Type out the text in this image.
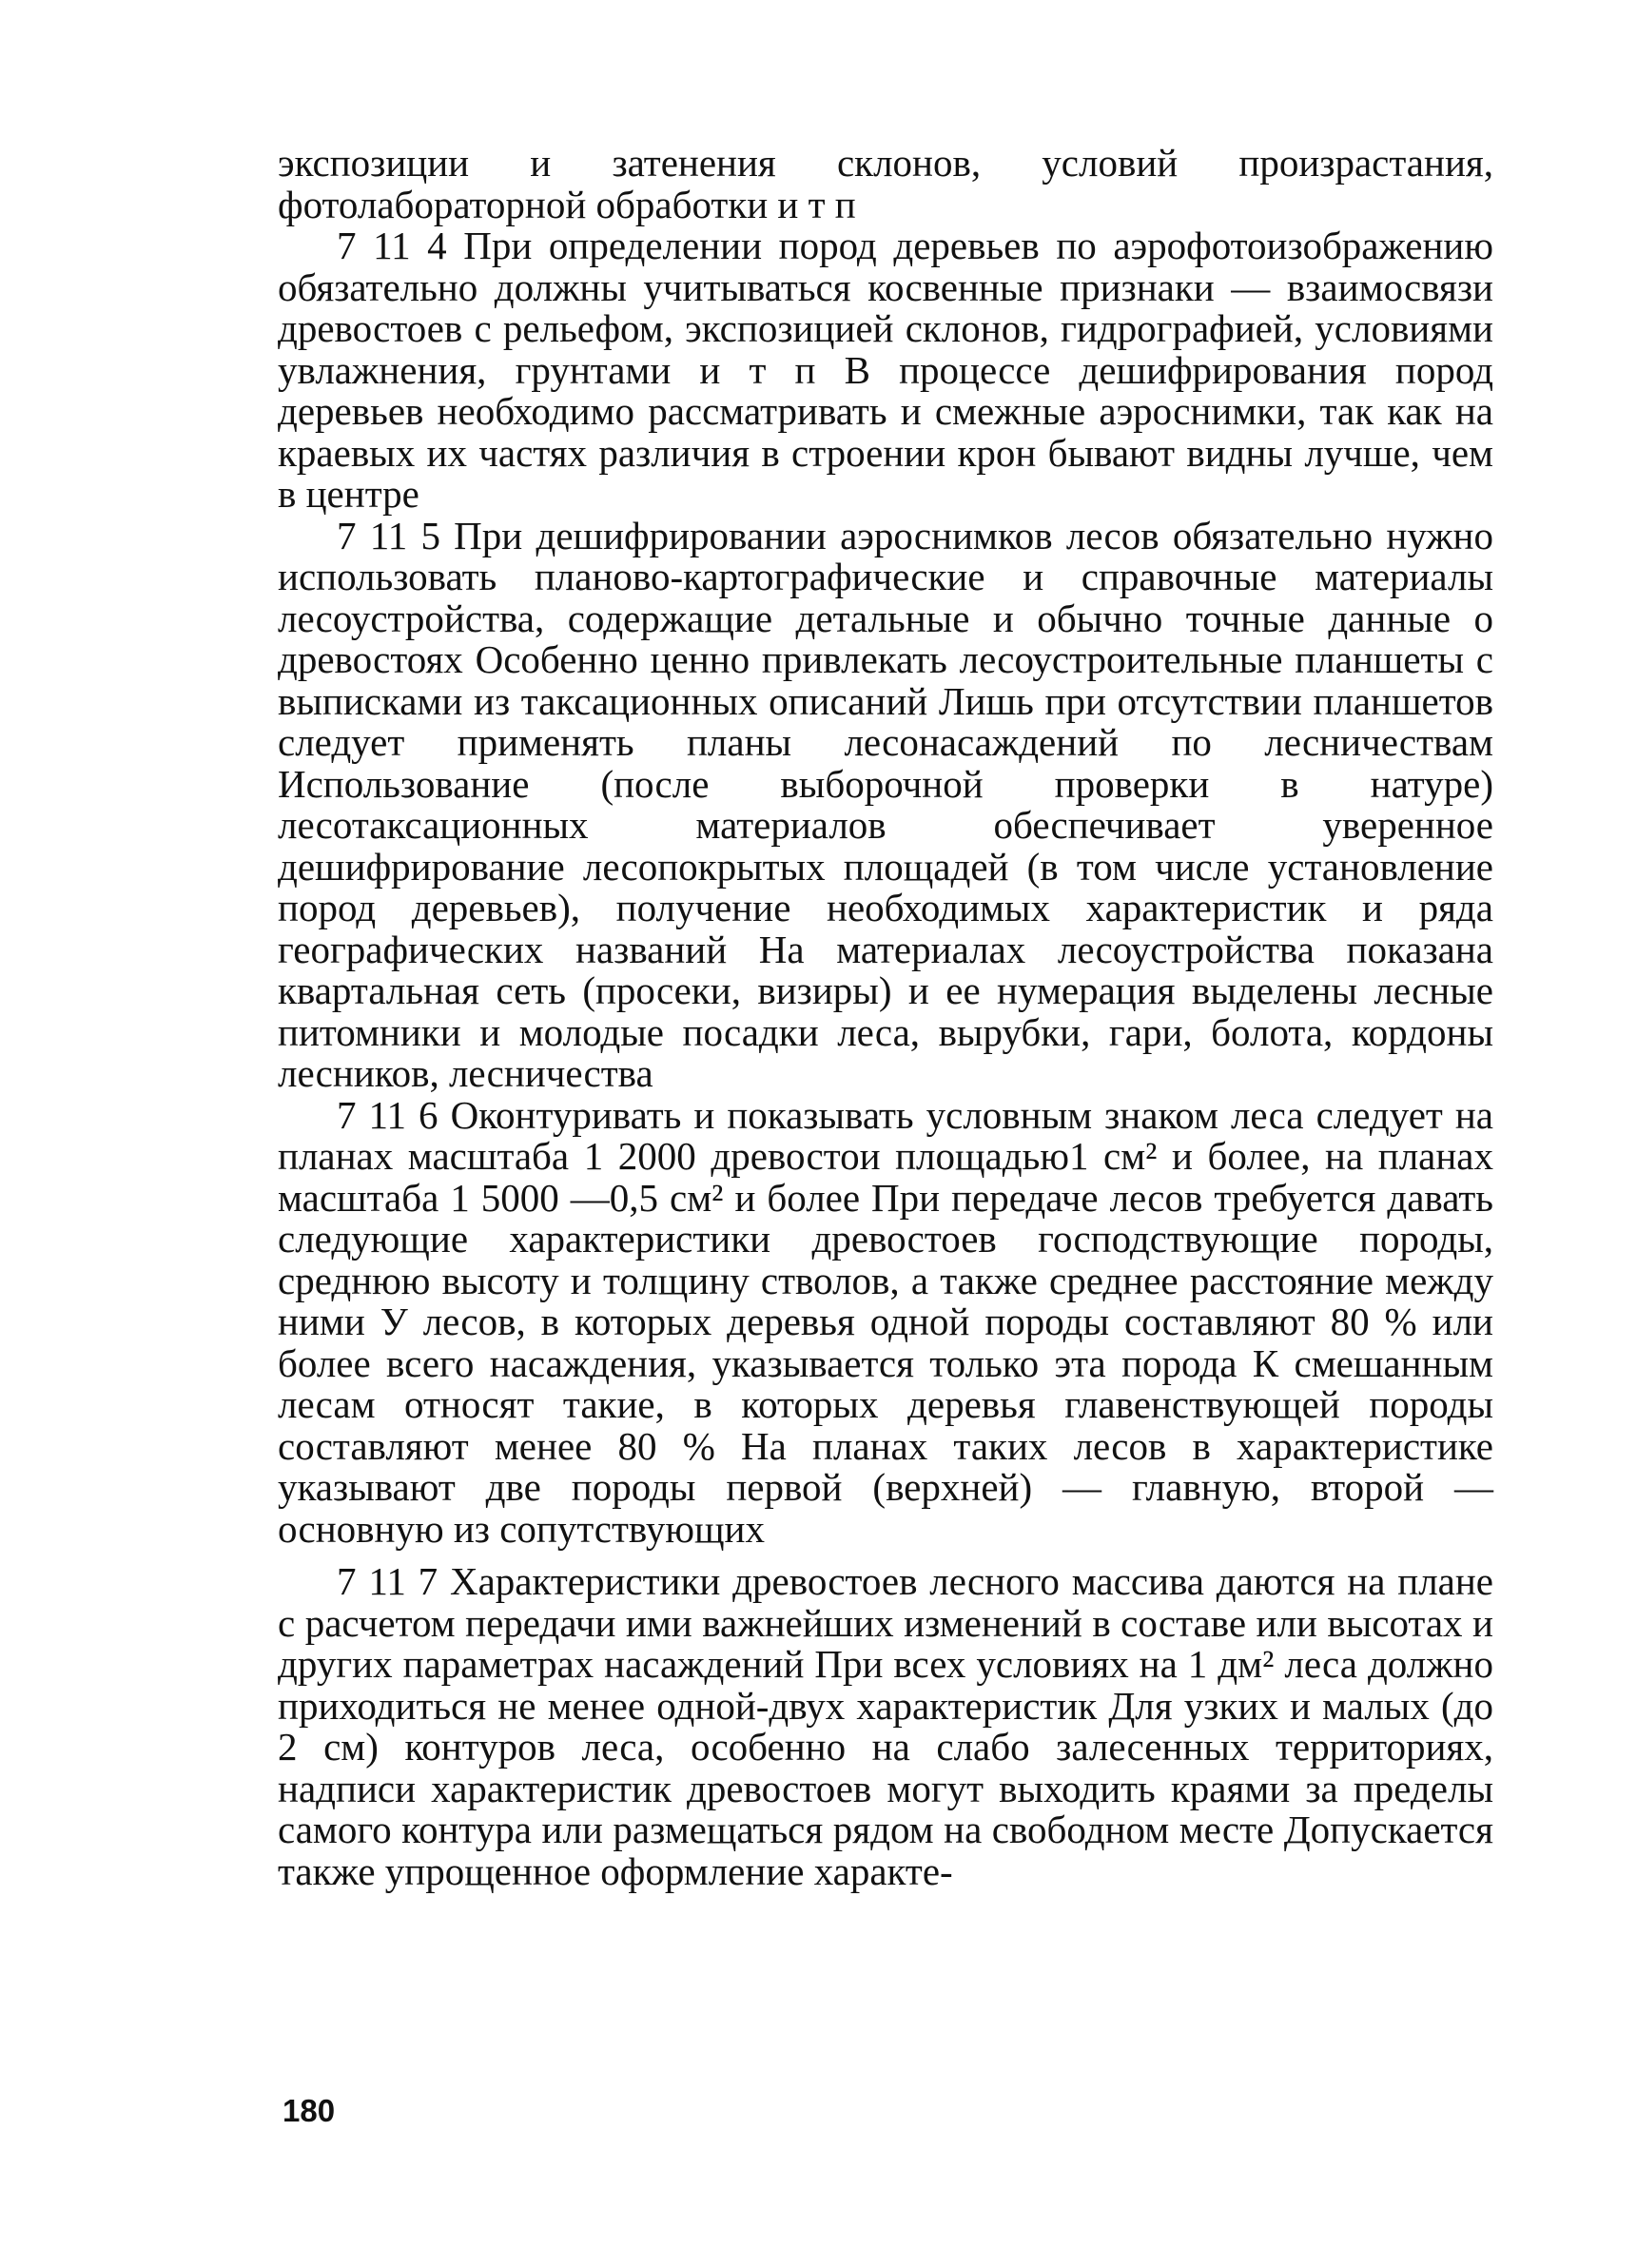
экспозиции и затенения склонов, условий произрастания, фотолабораторной обработки и т п

7 11 4 При определении пород деревьев по аэрофотоизображению обязательно должны учитываться косвенные признаки — взаимосвязи древостоев с рельефом, экспозицией склонов, гидрографией, условиями увлажнения, грунтами и т п В процессе дешифрирования пород деревьев необходимо рассматривать и смежные аэроснимки, так как на краевых их частях различия в строении крон бывают видны лучше, чем в центре

7 11 5 При дешифрировании аэроснимков лесов обязательно нужно использовать планово-картографические и справочные материалы лесоустройства, содержащие детальные и обычно точные данные о древостоях Особенно ценно привлекать лесоустроительные планшеты с выписками из таксационных описаний Лишь при отсутствии планшетов следует применять планы лесонасаждений по лесничествам Использование (после выборочной проверки в натуре) лесотаксационных материалов обеспечивает уверенное дешифрирование лесопокрытых площадей (в том числе установление пород деревьев), получение необходимых характеристик и ряда географических названий На материалах лесоустройства показана квартальная сеть (просеки, визиры) и ее нумерация выделены лесные питомники и молодые посадки леса, вырубки, гари, болота, кордоны лесников, лесничества

7 11 6 Оконтуривать и показывать условным знаком леса следует на планах масштаба 1 2000 древостои площадью1 см² и более, на планах масштаба 1 5000 —0,5 см² и более При передаче лесов требуется давать следующие характеристики древостоев господствующие породы, среднюю высоту и толщину стволов, а также среднее расстояние между ними У лесов, в которых деревья одной породы составляют 80 % или более всего насаждения, указывается только эта порода К смешанным лесам относят такие, в которых деревья главенствующей породы составляют менее 80 % На планах таких лесов в характеристике указывают две породы первой (верхней) — главную, второй — основную из сопутствующих

7 11 7 Характеристики древостоев лесного массива даются на плане с расчетом передачи ими важнейших изменений в составе или высотах и других параметрах насаждений При всех условиях на 1 дм² леса должно приходиться не менее одной-двух характеристик Для узких и малых (до 2 см) контуров леса, особенно на слабо залесенных территориях, надписи характеристик древостоев могут выходить краями за пределы самого контура или размещаться рядом на свободном месте Допускается также упрощенное оформление характе-

180
